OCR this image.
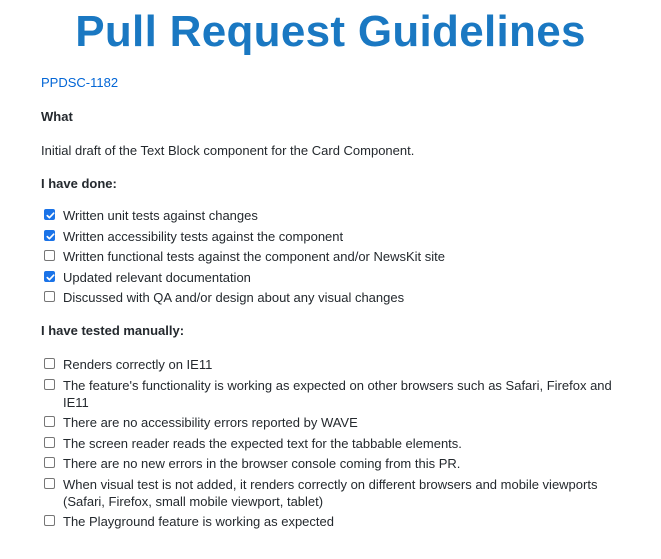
Pull Request Guidelines
PPDSC-1182

What

Initial draft of the Text Block component for the Card Component.

I have done:

Written unit tests against changes
Written accessibility tests against the component
Written functional tests against the component and/or NewsKit site
Updated relevant documentation
Discussed with QA and/or design about any visual changes

I have tested manually:

Renders correctly on IE11
The feature's functionality is working as expected on other browsers such as Safari, Firefox and IE11
There are no accessibility errors reported by WAVE
The screen reader reads the expected text for the tabbable elements.
There are no new errors in the browser console coming from this PR.
When visual test is not added, it renders correctly on different browsers and mobile viewports (Safari, Firefox, small mobile viewport, tablet)
The Playground feature is working as expected
